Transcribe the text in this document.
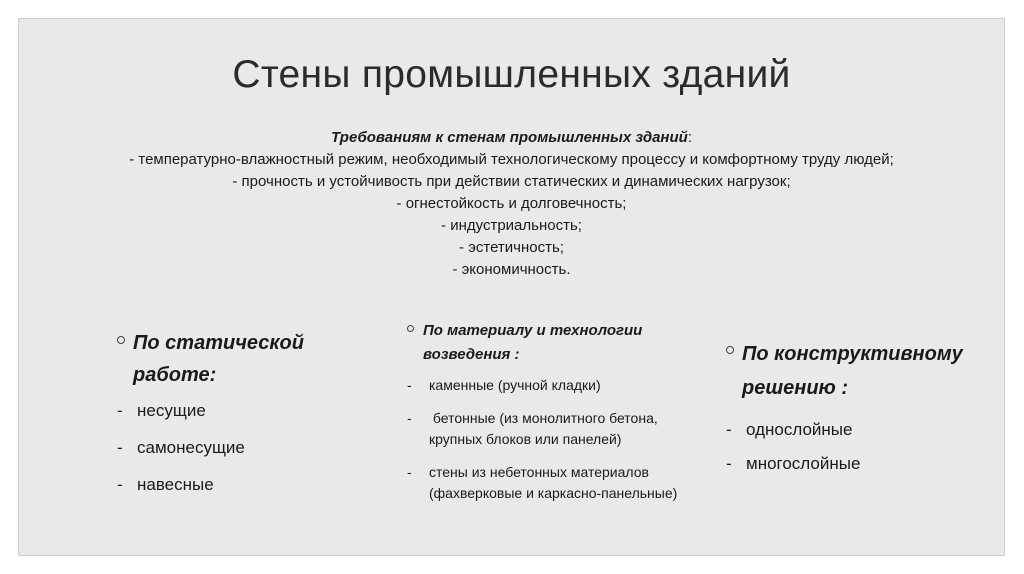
Стены промышленных зданий
Требованиям к стенам промышленных зданий:
- температурно-влажностный режим, необходимый технологическому процессу и комфортному труду людей;
- прочность и устойчивость при действии статических и динамических нагрузок;
- огнестойкость и долговечность;
- индустриальность;
- эстетичность;
- экономичность.
По статической работе:
- несущие
- самонесущие
- навесные
По материалу и технологии возведения :
-	каменные (ручной кладки)
-	бетонные (из монолитного бетона, крупных блоков или панелей)
-	стены из небетонных материалов (фахверковые и каркасно-панельные)
По конструктивному решению :
- однослойные
- многослойные
